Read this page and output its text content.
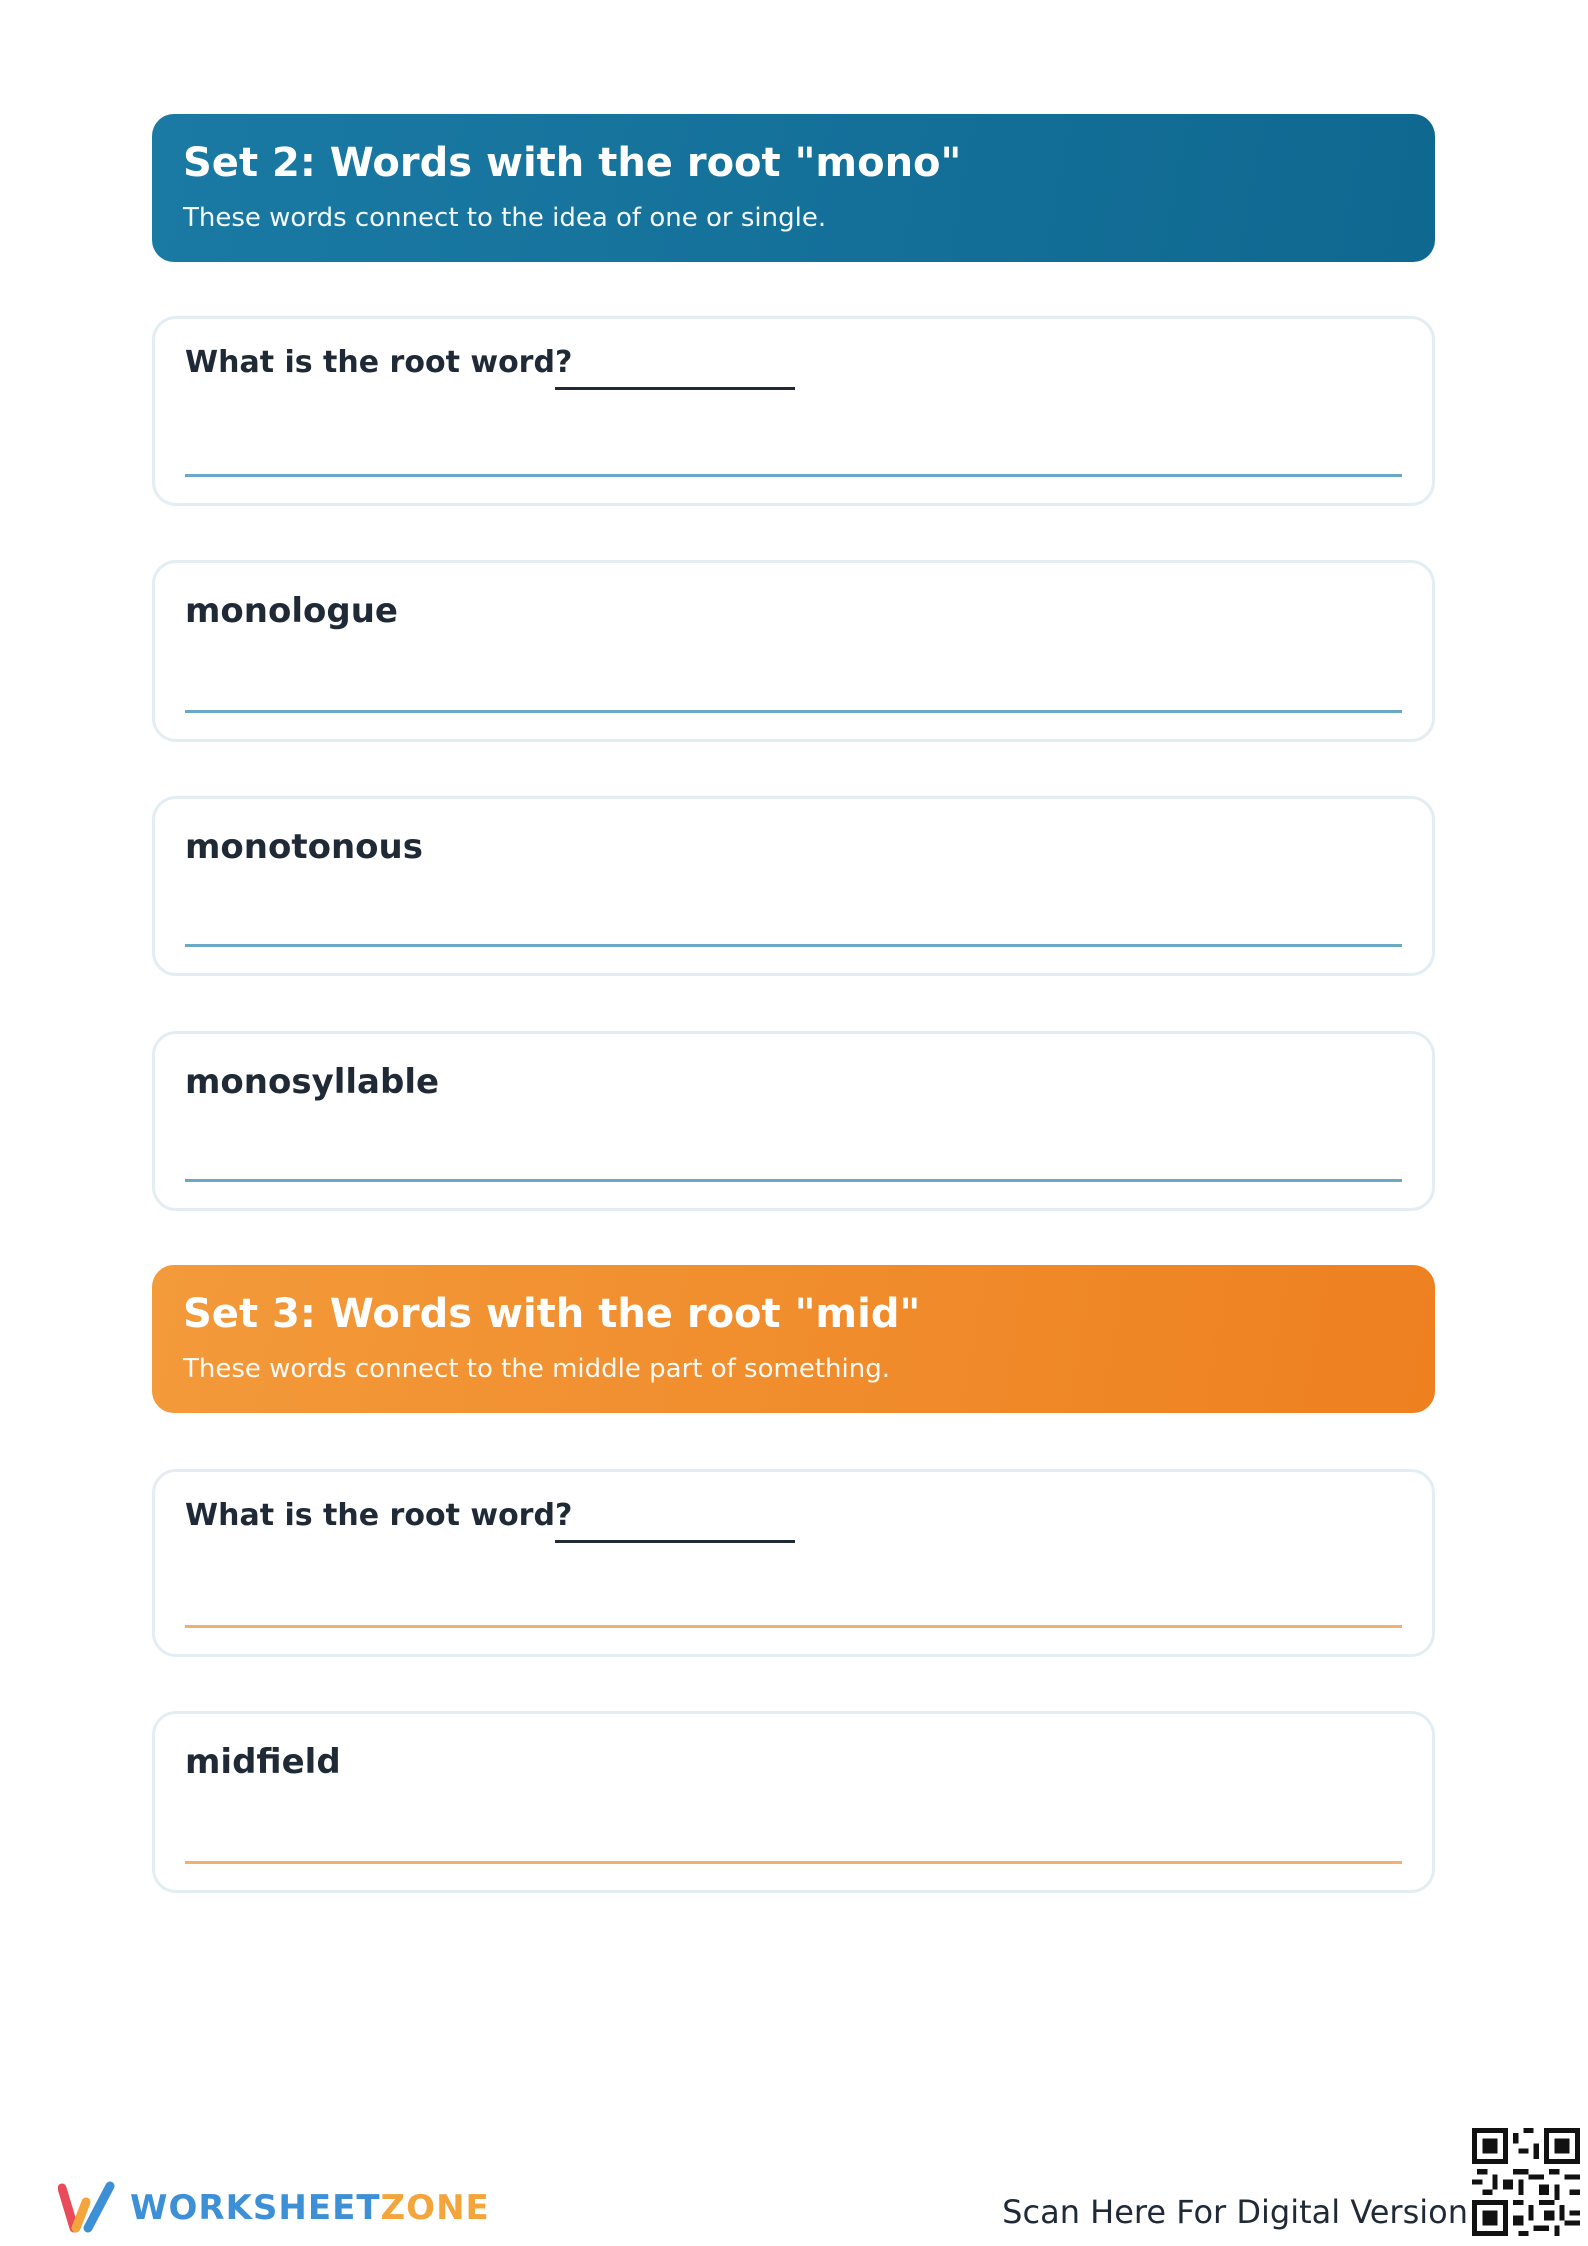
Set 2: Words with the root "mono"
These words connect to the idea of one or single.
What is the root word?
monologue
monotonous
monosyllable
Set 3: Words with the root "mid"
These words connect to the middle part of something.
What is the root word?
midfield
WORKSHEETZONE	Scan Here For Digital Version
